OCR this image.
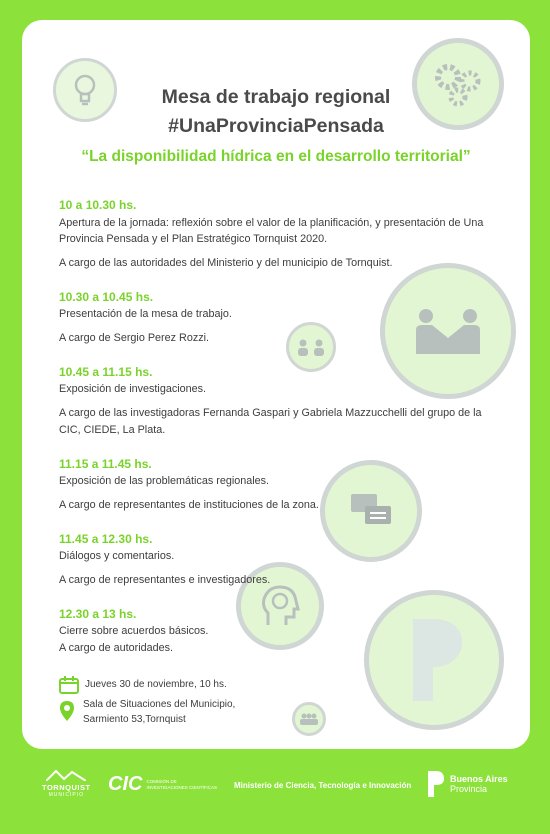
Mesa de trabajo regional
#UnaProvinciaPensada
“La disponibilidad hídrica en el desarrollo territorial”
10 a 10.30 hs.
Apertura de la jornada: reflexión sobre el valor de la planificación, y presentación de Una Provincia Pensada y el Plan Estratégico Tornquist 2020.
A cargo de las autoridades del Ministerio y del municipio de Tornquist.
10.30 a 10.45 hs.
Presentación de la mesa de trabajo.
A cargo de Sergio Perez Rozzi.
10.45 a 11.15 hs.
Exposición de investigaciones.
A cargo de las investigadoras Fernanda Gaspari y Gabriela Mazzucchelli del grupo de la CIC, CIEDE, La Plata.
11.15 a 11.45 hs.
Exposición de las problemáticas regionales.
A cargo de representantes de instituciones de la zona.
11.45 a 12.30 hs.
Diálogos y comentarios.
A cargo de representantes e investigadores.
12.30 a 13 hs.
Cierre sobre acuerdos básicos.
A cargo de autoridades.
Jueves 30 de noviembre, 10 hs.
Sala de Situaciones del Municipio,
Sarmiento 53,Tornquist
TORNQUIST
MUNICIPIO	CIC COMISIÓN DE
INVESTIGACIONES CIENTÍFICAS Ministerio de Ciencia, Tecnología e Innovación
Buenos Aires
Provincia
